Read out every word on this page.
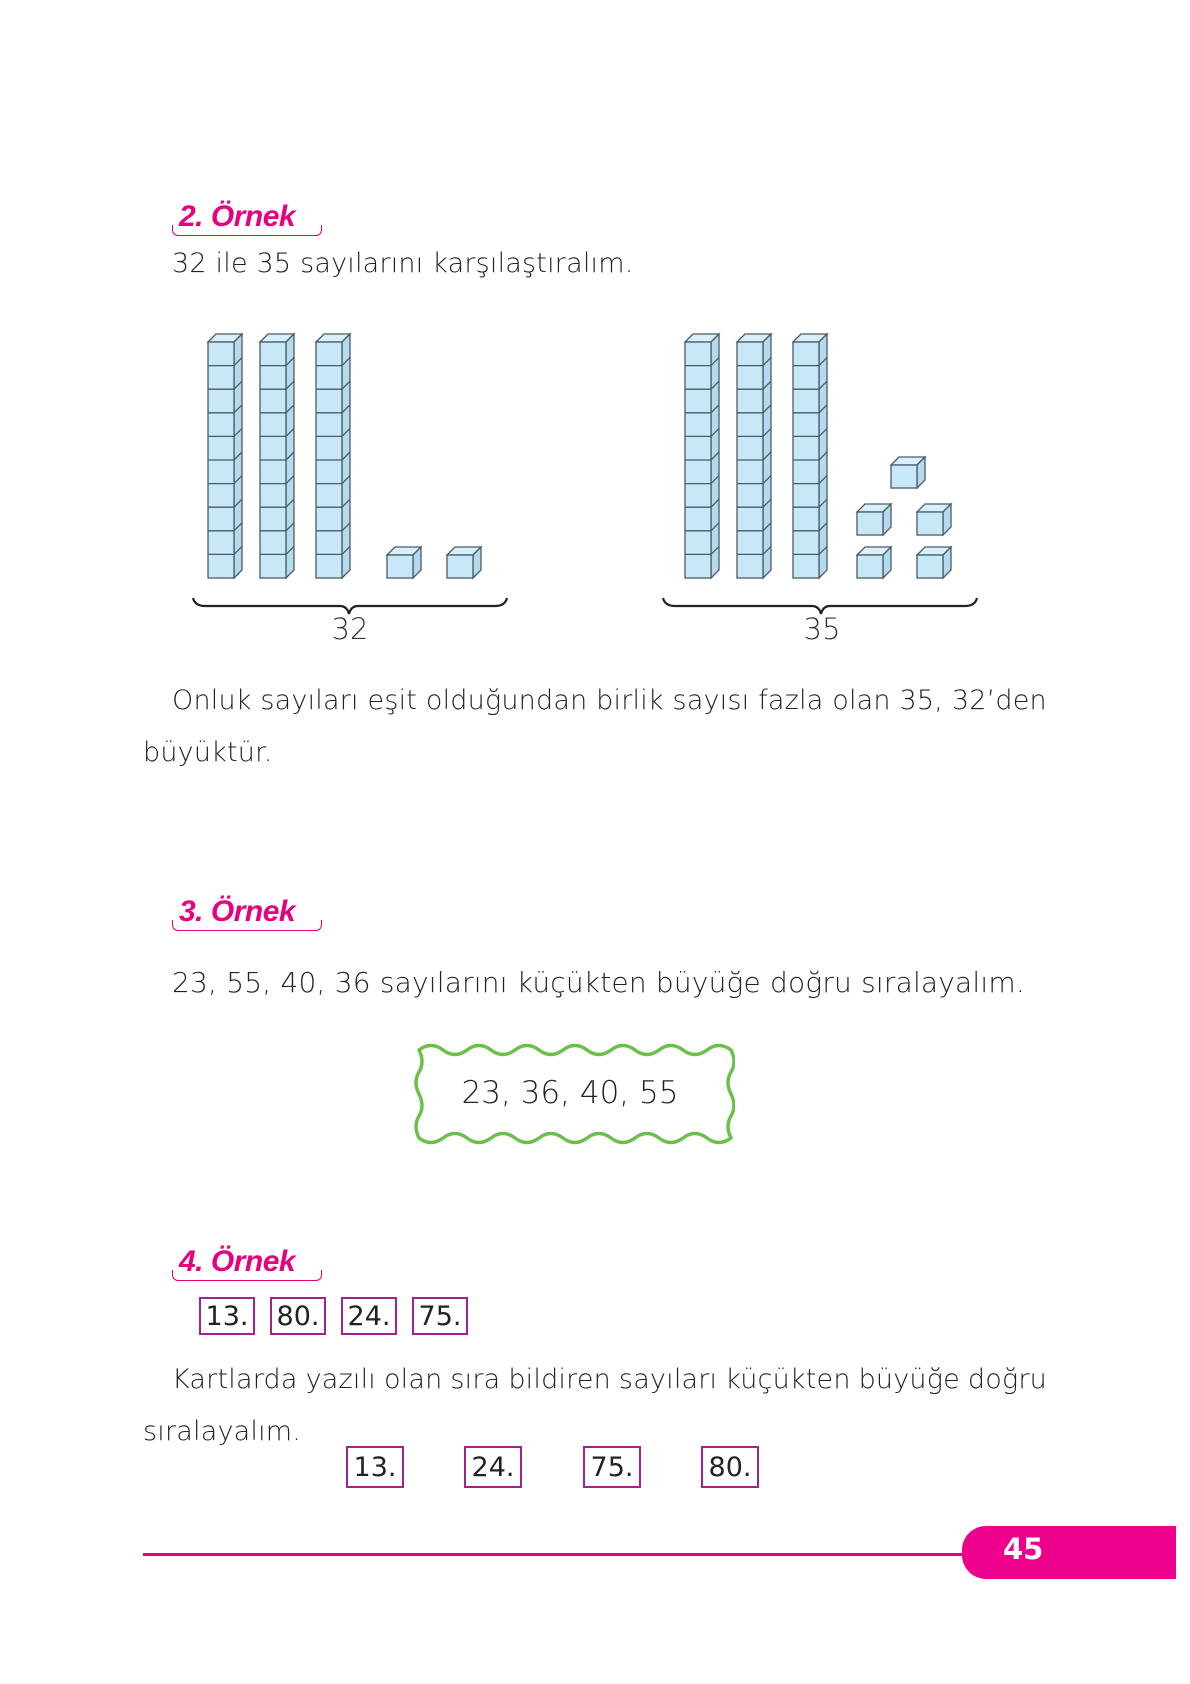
2. Örnek
32 ile 35 sayılarını karşılaştıralım.
32	35
Onluk sayıları eşit olduğundan birlik sayısı fazla olan 35, 32’den
büyüktür.
3. Örnek
23, 55, 40, 36 sayılarını küçükten büyüğe doğru sıralayalım.
23, 36, 40, 55
4. Örnek
13. 80. 24. 75.
Kartlarda yazılı olan sıra bildiren sayıları küçükten büyüğe doğru
sıralayalım.
13.	24.	75.	80.
45
